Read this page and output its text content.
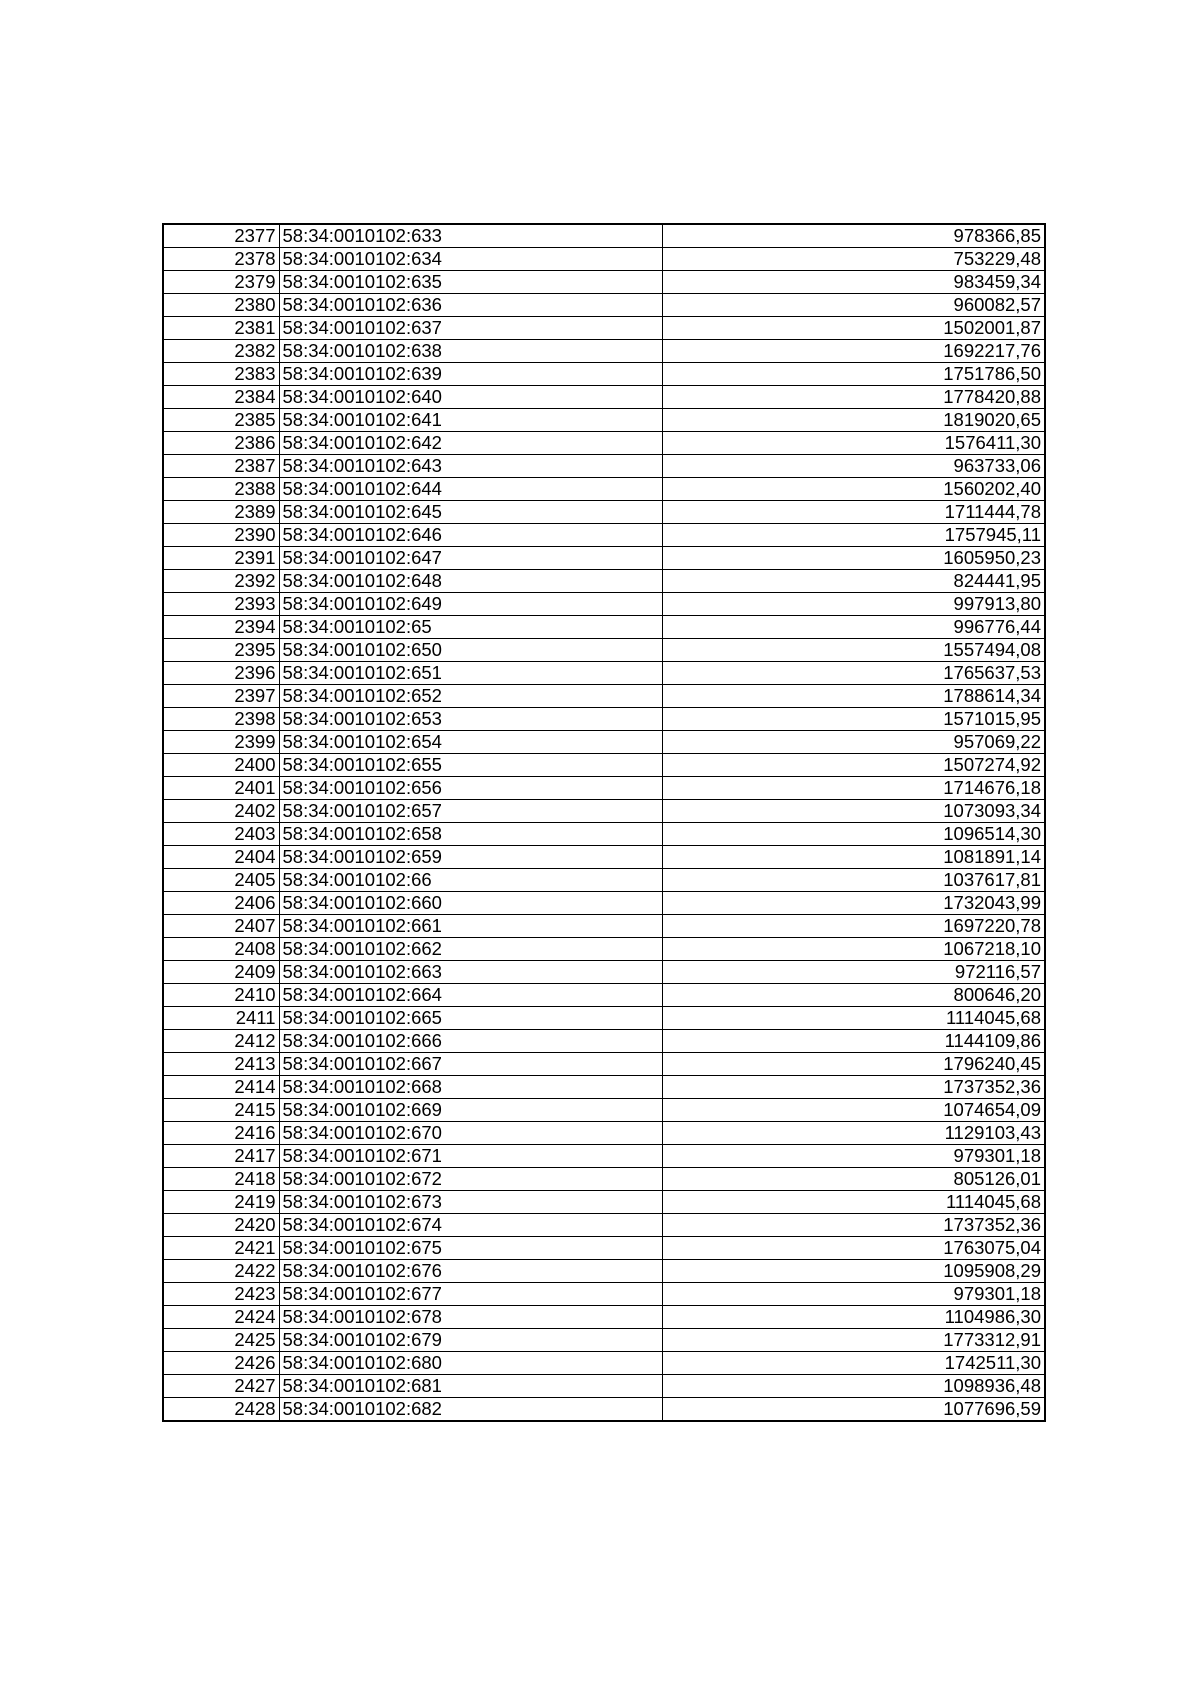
2377	58:34:0010102:633	978366,85
2378	58:34:0010102:634	753229,48
2379	58:34:0010102:635	983459,34
2380	58:34:0010102:636	960082,57
2381	58:34:0010102:637	1502001,87
2382	58:34:0010102:638	1692217,76
2383	58:34:0010102:639	1751786,50
2384	58:34:0010102:640	1778420,88
2385	58:34:0010102:641	1819020,65
2386	58:34:0010102:642	1576411,30
2387	58:34:0010102:643	963733,06
2388	58:34:0010102:644	1560202,40
2389	58:34:0010102:645	1711444,78
2390	58:34:0010102:646	1757945,11
2391	58:34:0010102:647	1605950,23
2392	58:34:0010102:648	824441,95
2393	58:34:0010102:649	997913,80
2394	58:34:0010102:65	996776,44
2395	58:34:0010102:650	1557494,08
2396	58:34:0010102:651	1765637,53
2397	58:34:0010102:652	1788614,34
2398	58:34:0010102:653	1571015,95
2399	58:34:0010102:654	957069,22
2400	58:34:0010102:655	1507274,92
2401	58:34:0010102:656	1714676,18
2402	58:34:0010102:657	1073093,34
2403	58:34:0010102:658	1096514,30
2404	58:34:0010102:659	1081891,14
2405	58:34:0010102:66	1037617,81
2406	58:34:0010102:660	1732043,99
2407	58:34:0010102:661	1697220,78
2408	58:34:0010102:662	1067218,10
2409	58:34:0010102:663	972116,57
2410	58:34:0010102:664	800646,20
2411	58:34:0010102:665	1114045,68
2412	58:34:0010102:666	1144109,86
2413	58:34:0010102:667	1796240,45
2414	58:34:0010102:668	1737352,36
2415	58:34:0010102:669	1074654,09
2416	58:34:0010102:670	1129103,43
2417	58:34:0010102:671	979301,18
2418	58:34:0010102:672	805126,01
2419	58:34:0010102:673	1114045,68
2420	58:34:0010102:674	1737352,36
2421	58:34:0010102:675	1763075,04
2422	58:34:0010102:676	1095908,29
2423	58:34:0010102:677	979301,18
2424	58:34:0010102:678	1104986,30
2425	58:34:0010102:679	1773312,91
2426	58:34:0010102:680	1742511,30
2427	58:34:0010102:681	1098936,48
2428	58:34:0010102:682	1077696,59
